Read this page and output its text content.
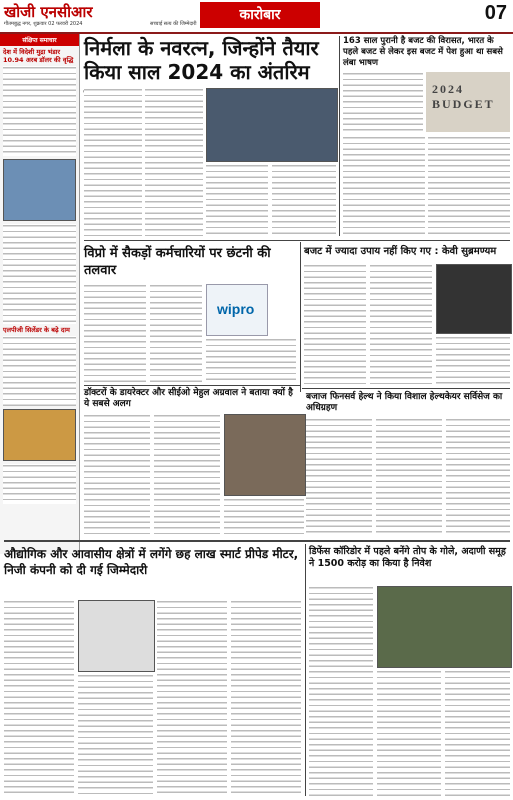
खोजी एनसीआर
गौतमबुद्ध नगर, शुक्रवार 02 फरवरी 2024	सच्चाई सत्य की जिम्मेदारी
कारोबार	07
संक्षिप्त समाचार
देश में विदेशी मुद्रा भंडार 10.94 अरब डॉलर की वृद्धि
एलपीजी सिलेंडर के बढ़े दाम
निर्मला के नवरत्न, जिन्होंने तैयार किया साल 2024 का अंतरिम
163 साल पुरानी है बजट की विरासत, भारत के पहले बजट से लेकर इस बजट में पेश हुआ था सबसे लंबा भाषण
2024 BUDGET
विप्रो में सैकड़ों कर्मचारियों पर छंटनी की तलवार
wipro
बजट में ज्यादा उपाय नहीं किए गए : केवी सुब्रमण्यम
डॉक्टरों के डायरेक्टर और सीईओ मेहुल अग्रवाल ने बताया क्यों है ये सबसे अलग
बजाज फिनसर्व हेल्थ ने किया विशाल हेल्थकेयर सर्विसेज का अधिग्रहण
औद्योगिक और आवासीय क्षेत्रों में लगेंगे छह लाख स्मार्ट प्रीपेड मीटर, निजी कंपनी को दी गई जिम्मेदारी
डिफेंस कॉरिडोर में पहले बनेंगे तोप के गोले, अदाणी समूह ने 1500 करोड़ का किया है निवेश
